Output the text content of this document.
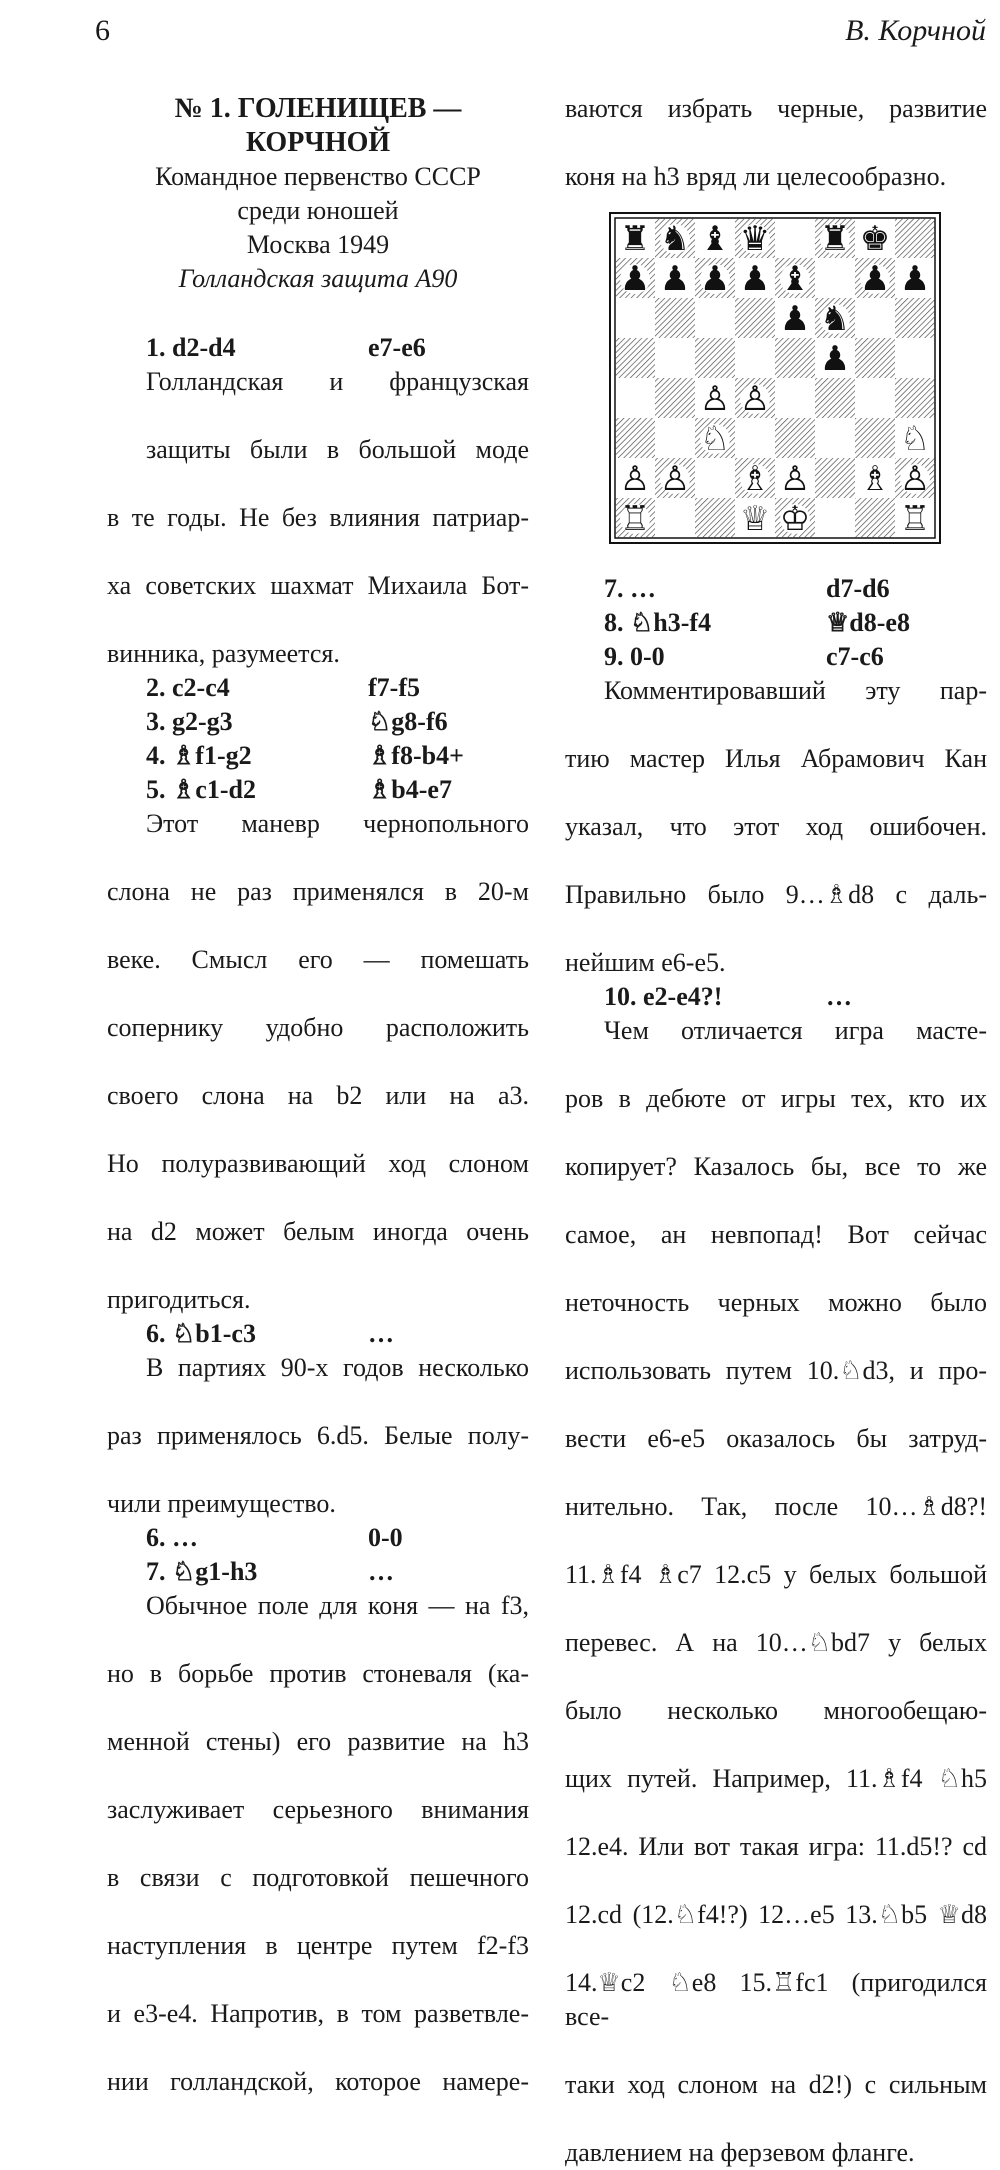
6	В. Корчной
№ 1. ГОЛЕНИЩЕВ —
КОРЧНОЙ
Командное первенство СССР
среди юношей
Москва 1949
Голландская защита А90
1. d2-d4	e7-e6
Голландская и французская
защиты были в большой моде
в те годы. Не без влияния патриар-
ха советских шахмат Михаила Бот-
винника, разумеется.
2. c2-c4	f7-f5
3. g2-g3	♘g8-f6
4. ♗f1-g2	♗f8-b4+
5. ♗c1-d2	♗b4-e7
Этот маневр чернопольного
слона не раз применялся в 20-м
веке. Смысл его — помешать
сопернику удобно расположить
своего слона на b2 или на a3.
Но полуразвивающий ход слоном
на d2 может белым иногда очень
пригодиться.
6. ♘b1-c3	…
В партиях 90-х годов несколько
раз применялось 6.d5. Белые полу-
чили преимущество.
6. …	0-0
7. ♘g1-h3	…
Обычное поле для коня — на f3,
но в борьбе против стоневаля (ка-
менной стены) его развитие на h3
заслуживает серьезного внимания
в связи с подготовкой пешечного
наступления в центре путем f2-f3
и e3-e4. Напротив, в том разветвле-
нии голландской, которое намере-
ваются избрать черные, развитие
коня на h3 вряд ли целесообразно.
♜ ♞ ♝ ♛ ♜ ♚
♟ ♟ ♟ ♟ ♝ ♟ ♟
♟ ♞
♟
♙ ♙
♘	♘
♙ ♙ ♗ ♙ ♗ ♙
♖	♕ ♔	♖
7. …	d7-d6
8. ♘h3-f4	♕d8-e8
9. 0-0	c7-c6
Комментировавший эту пар-
тию мастер Илья Абрамович Кан
указал, что этот ход ошибочен.
Правильно было 9…♗d8 с даль-
нейшим e6-e5.
10. e2-e4?!	…
Чем отличается игра масте-
ров в дебюте от игры тех, кто их
копирует? Казалось бы, все то же
самое, ан невпопад! Вот сейчас
неточность черных можно было
использовать путем 10.♘d3, и про-
вести e6-e5 оказалось бы затруд-
нительно. Так, после 10…♗d8?!
11.♗f4 ♗c7 12.c5 у белых большой
перевес. А на 10…♘bd7 у белых
было несколько многообещаю-
щих путей. Например, 11.♗f4 ♘h5
12.e4. Или вот такая игра: 11.d5!? cd
12.cd (12.♘f4!?) 12…e5 13.♘b5 ♕d8
14.♕c2 ♘e8 15.♖fc1 (пригодился все-
таки ход слоном на d2!) с сильным
давлением на ферзевом фланге.
